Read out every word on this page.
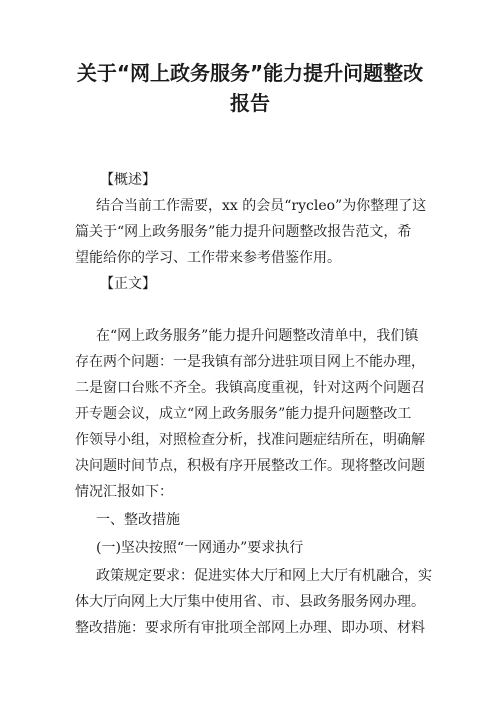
关于“网上政务服务”能力提升问题整改
报告
【概述】
结合当前工作需要，xx 的会员“rycleo”为你整理了这
篇关于“网上政务服务”能力提升问题整改报告范文，希
望能给你的学习、工作带来参考借鉴作用。
【正文】
在“网上政务服务”能力提升问题整改清单中，我们镇
存在两个问题：一是我镇有部分进驻项目网上不能办理，
二是窗口台账不齐全。我镇高度重视，针对这两个问题召
开专题会议，成立“网上政务服务”能力提升问题整改工
作领导小组，对照检查分析，找准问题症结所在，明确解
决问题时间节点，积极有序开展整改工作。现将整改问题
情况汇报如下：
一、整改措施
(一)坚决按照“一网通办”要求执行
政策规定要求：促进实体大厅和网上大厅有机融合，实
体大厅向网上大厅集中使用省、市、县政务服务网办理。
整改措施：要求所有审批项全部网上办理、即办项、材料
